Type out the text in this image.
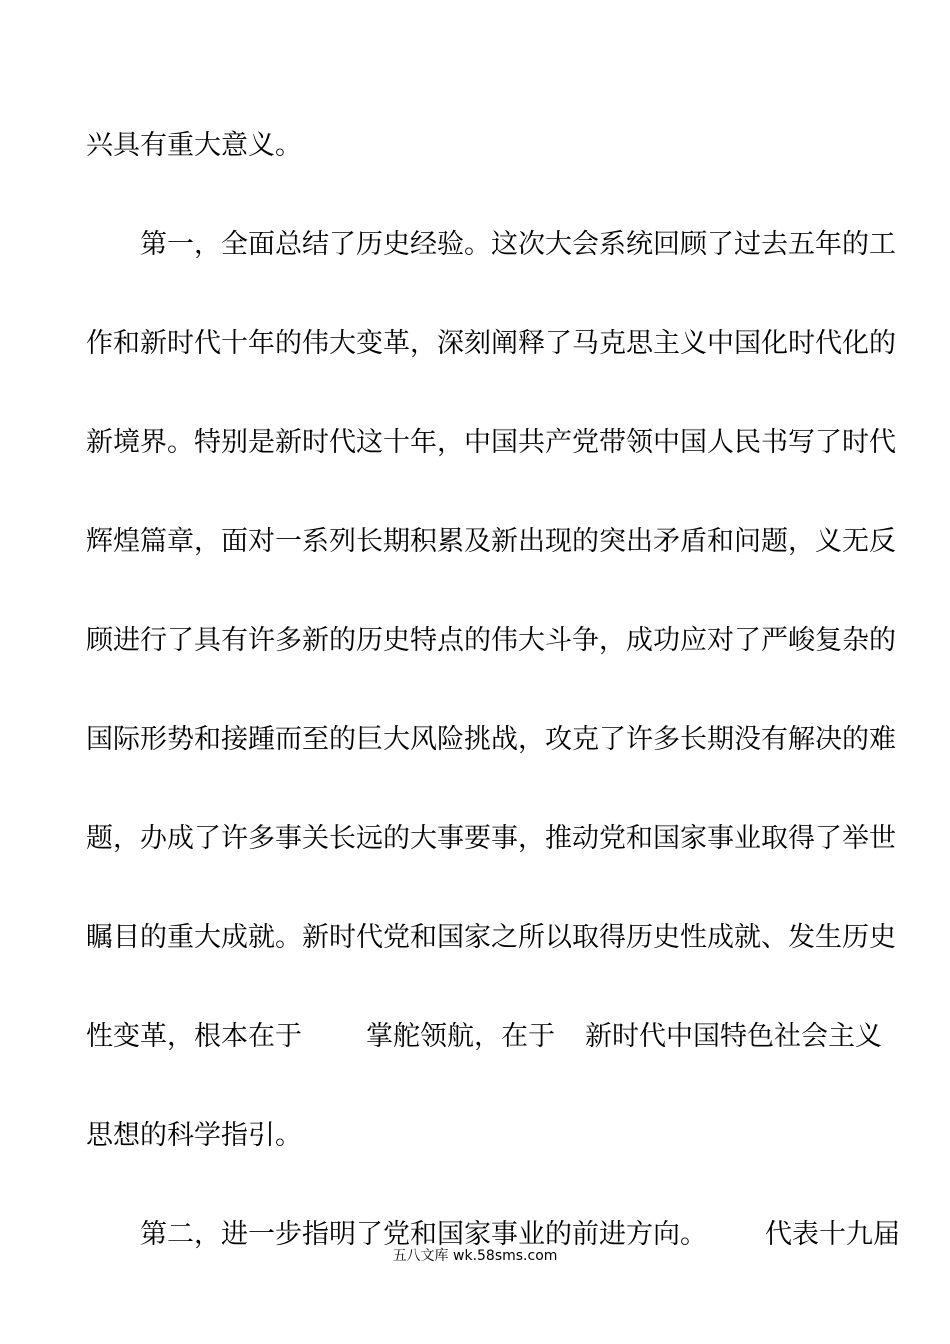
兴具有重大意义。
　　第一，全面总结了历史经验。这次大会系统回顾了过去五年的工
作和新时代十年的伟大变革，深刻阐释了马克思主义中国化时代化的
新境界。特别是新时代这十年，中国共产党带领中国人民书写了时代
辉煌篇章，面对一系列长期积累及新出现的突出矛盾和问题，义无反
顾进行了具有许多新的历史特点的伟大斗争，成功应对了严峻复杂的
国际形势和接踵而至的巨大风险挑战，攻克了许多长期没有解决的难
题，办成了许多事关长远的大事要事，推动党和国家事业取得了举世
瞩目的重大成就。新时代党和国家之所以取得历史性成就、发生历史
性变革，根本在于 掌舵领航，在于 新时代中国特色社会主义
思想的科学指引。
　　第二，进一步指明了党和国家事业的前进方向。 代表十九届
五八文库 wk.58sms.com
